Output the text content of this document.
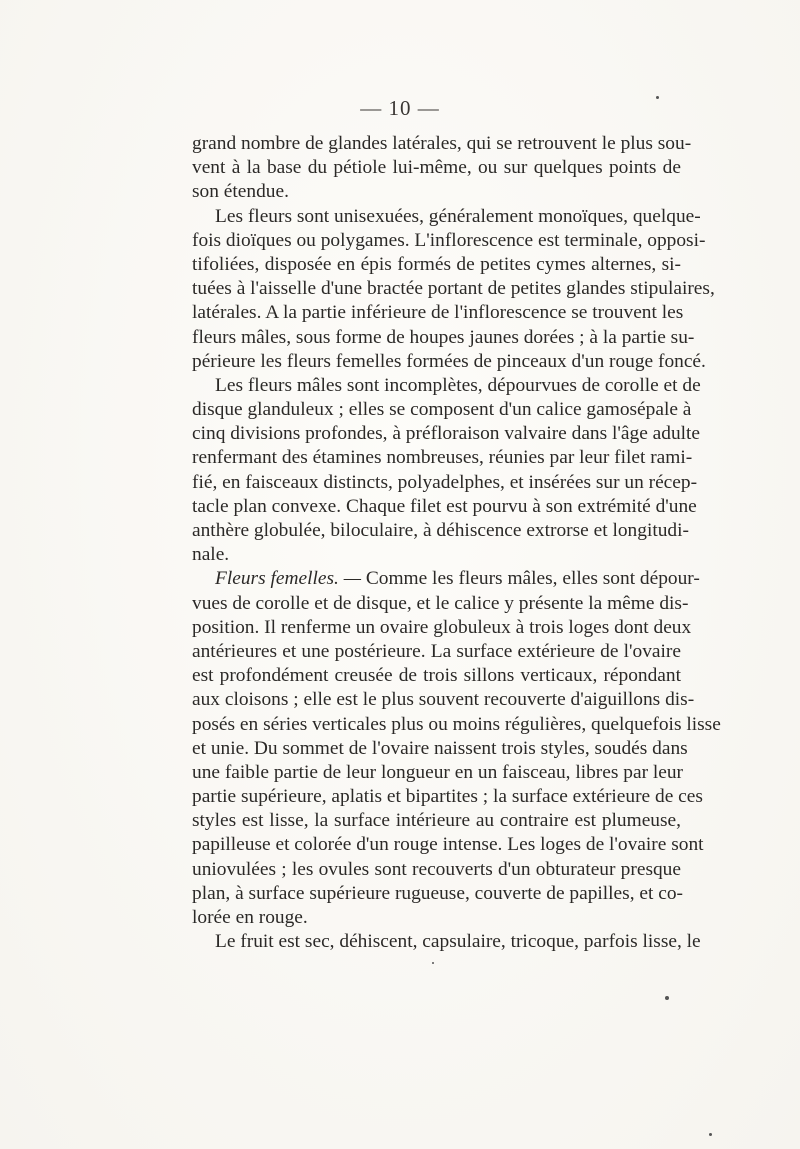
— 10 —
grand nombre de glandes latérales, qui se retrouvent le plus sou-
vent à la base du pétiole lui-même, ou sur quelques points de
son étendue.
Les fleurs sont unisexuées, généralement monoïques, quelque-
fois dioïques ou polygames. L'inflorescence est terminale, opposi-
tifoliées, disposée en épis formés de petites cymes alternes, si-
tuées à l'aisselle d'une bractée portant de petites glandes stipulaires,
latérales. A la partie inférieure de l'inflorescence se trouvent les
fleurs mâles, sous forme de houpes jaunes dorées ; à la partie su-
périeure les fleurs femelles formées de pinceaux d'un rouge foncé.
Les fleurs mâles sont incomplètes, dépourvues de corolle et de
disque glanduleux ; elles se composent d'un calice gamosépale à
cinq divisions profondes, à préfloraison valvaire dans l'âge adulte
renfermant des étamines nombreuses, réunies par leur filet rami-
fié, en faisceaux distincts, polyadelphes, et insérées sur un récep-
tacle plan convexe. Chaque filet est pourvu à son extrémité d'une
anthère globulée, biloculaire, à déhiscence extrorse et longitudi-
nale.
Fleurs femelles. — Comme les fleurs mâles, elles sont dépour-
vues de corolle et de disque, et le calice y présente la même dis-
position. Il renferme un ovaire globuleux à trois loges dont deux
antérieures et une postérieure. La surface extérieure de l'ovaire
est profondément creusée de trois sillons verticaux, répondant
aux cloisons ; elle est le plus souvent recouverte d'aiguillons dis-
posés en séries verticales plus ou moins régulières, quelquefois lisse
et unie. Du sommet de l'ovaire naissent trois styles, soudés dans
une faible partie de leur longueur en un faisceau, libres par leur
partie supérieure, aplatis et bipartites ; la surface extérieure de ces
styles est lisse, la surface intérieure au contraire est plumeuse,
papilleuse et colorée d'un rouge intense. Les loges de l'ovaire sont
uniovulées ; les ovules sont recouverts d'un obturateur presque
plan, à surface supérieure rugueuse, couverte de papilles, et co-
lorée en rouge.
Le fruit est sec, déhiscent, capsulaire, tricoque, parfois lisse, le
